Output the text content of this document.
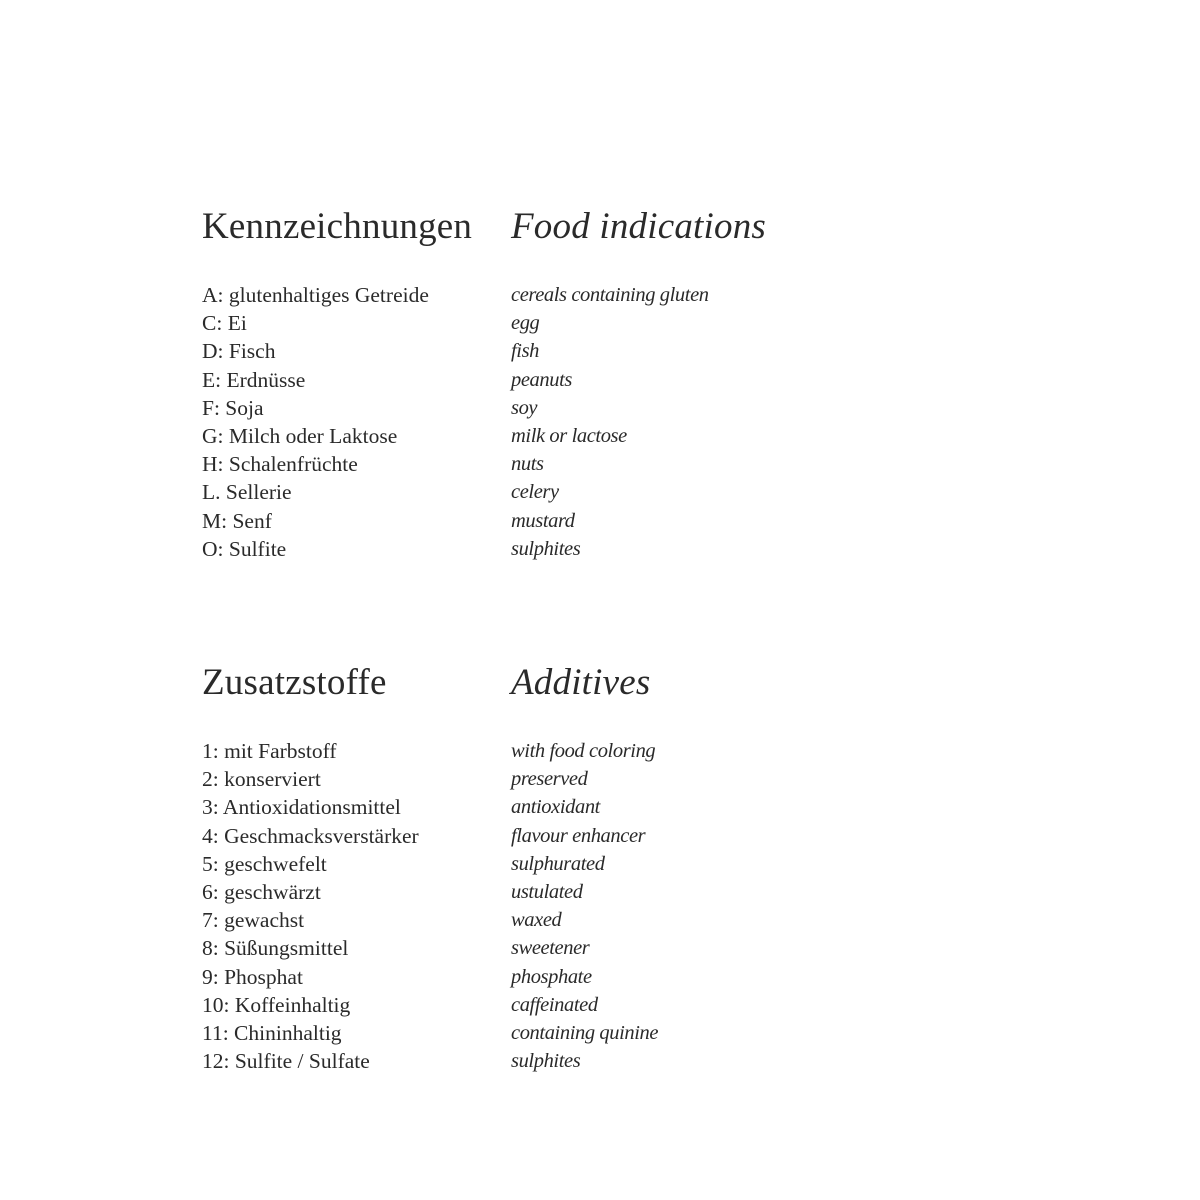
Kennzeichnungen	Food indications
A: glutenhaltiges Getreide	cereals containing gluten
C: Ei	egg
D: Fisch	fish
E: Erdnüsse	peanuts
F: Soja	soy
G: Milch oder Laktose	milk or lactose
H: Schalenfrüchte	nuts
L. Sellerie	celery
M: Senf	mustard
O: Sulfite	sulphites
Zusatzstoffe	Additives
1: mit Farbstoff	with food coloring
2: konserviert	preserved
3: Antioxidationsmittel	antioxidant
4: Geschmacksverstärker	flavour enhancer
5: geschwefelt	sulphurated
6: geschwärzt	ustulated
7: gewachst	waxed
8: Süßungsmittel	sweetener
9: Phosphat	phosphate
10: Koffeinhaltig	caffeinated
11: Chininhaltig	containing quinine
12: Sulfite / Sulfate	sulphites
